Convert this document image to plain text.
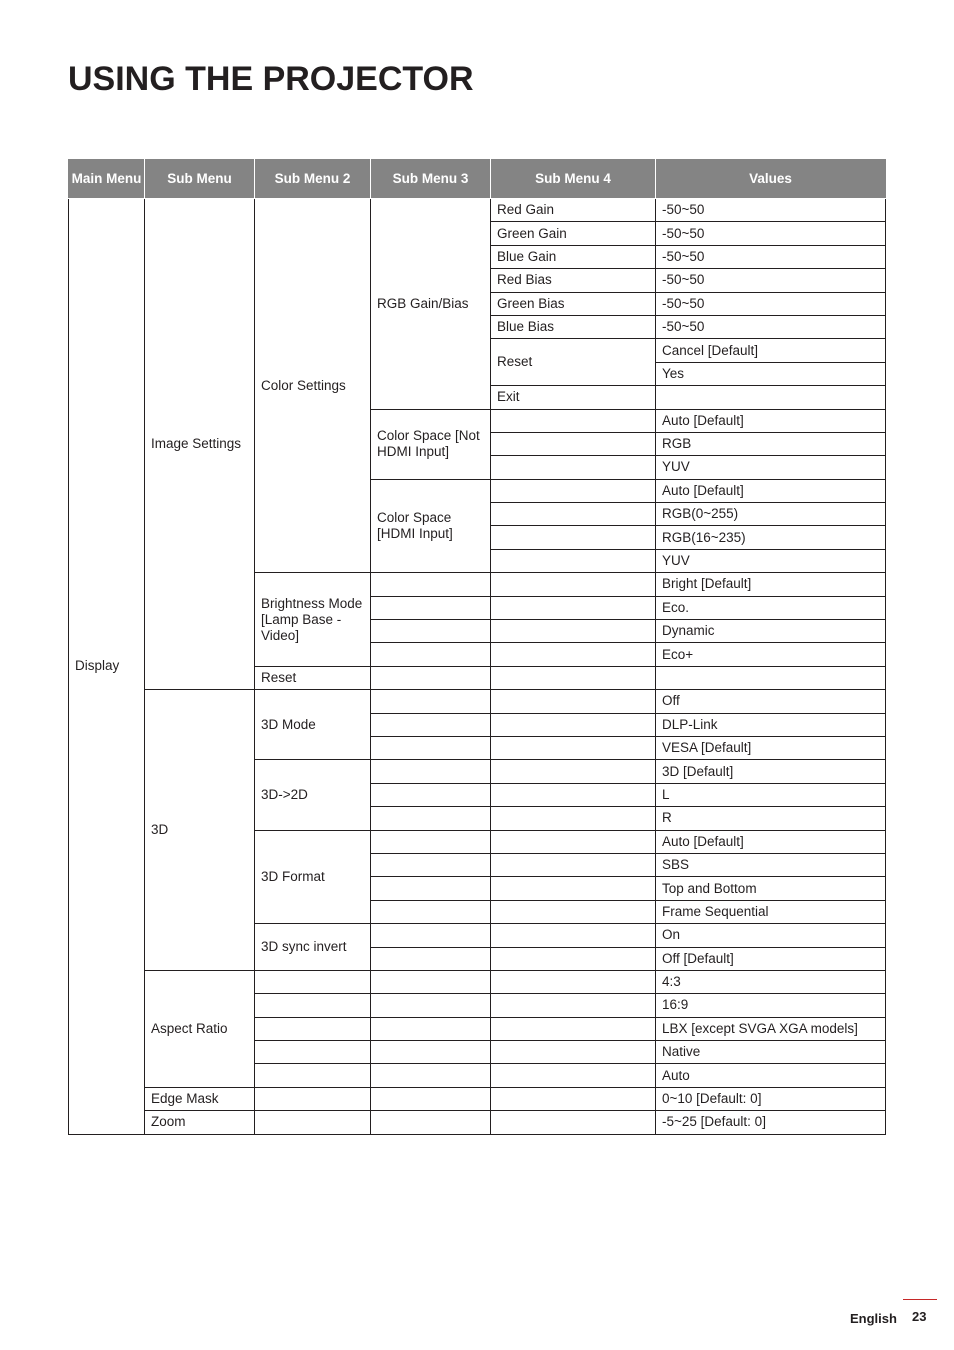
USING THE PROJECTOR
Main Menu	Sub Menu	Sub Menu 2	Sub Menu 3	Sub Menu 4	Values
Display	Image Settings	Color Settings	RGB Gain/Bias	Red Gain	-50~50
				Green Gain	-50~50
				Blue Gain	-50~50
				Red Bias	-50~50
				Green Bias	-50~50
				Blue Bias	-50~50
				Reset	Cancel [Default]
					Yes
				Exit	
			Color Space [Not HDMI Input]		Auto [Default]
					RGB
					YUV
			Color Space [HDMI Input]		Auto [Default]
					RGB(0~255)
					RGB(16~235)
					YUV
		Brightness Mode [Lamp Base - Video]			Bright [Default]
					Eco.
					Dynamic
					Eco+
		Reset			
	3D	3D Mode			Off
					DLP-Link
					VESA [Default]
		3D->2D			3D [Default]
					L
					R
		3D Format			Auto [Default]
					SBS
					Top and Bottom
					Frame Sequential
		3D sync invert			On
					Off [Default]
	Aspect Ratio				4:3
					16:9
					LBX [except SVGA XGA models]
					Native
					Auto
	Edge Mask				0~10 [Default: 0]
	Zoom				-5~25 [Default: 0]
English 23
